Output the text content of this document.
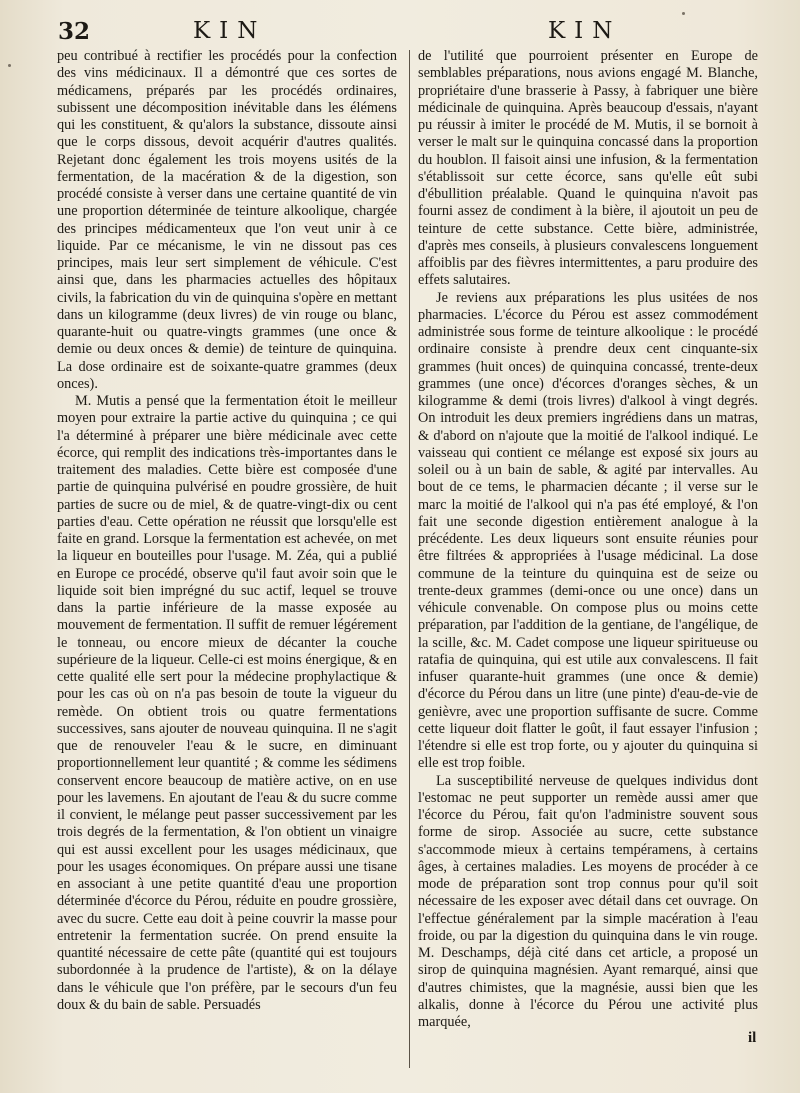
32	KIN	KIN

peu contribué à rectifier les procédés pour la confection des vins médicinaux. Il a démontré que ces sortes de médicamens, préparés par les procédés ordinaires, subissent une décomposition inévitable dans les élémens qui les constituent, & qu'alors la substance, dissoute ainsi que le corps dissous, devoit acquérir d'autres qualités. Rejetant donc également les trois moyens usités de la fermentation, de la macération & de la digestion, son procédé consiste à verser dans une certaine quantité de vin une proportion déterminée de teinture alkoolique, chargée des principes médicamenteux que l'on veut unir à ce liquide. Par ce mécanisme, le vin ne dissout pas ces principes, mais leur sert simplement de véhicule. C'est ainsi que, dans les pharmacies actuelles des hôpitaux civils, la fabrication du vin de quinquina s'opère en mettant dans un kilogramme (deux livres) de vin rouge ou blanc, quarante-huit ou quatre-vingts grammes (une once & demie ou deux onces & demie) de teinture de quinquina. La dose ordinaire est de soixante-quatre grammes (deux onces).

M. Mutis a pensé que la fermentation étoit le meilleur moyen pour extraire la partie active du quinquina ; ce qui l'a déterminé à préparer une bière médicinale avec cette écorce, qui remplit des indications très-importantes dans le traitement des maladies. Cette bière est composée d'une partie de quinquina pulvérisé en poudre grossière, de huit parties de sucre ou de miel, & de quatre-vingt-dix ou cent parties d'eau. Cette opération ne réussit que lorsqu'elle est faite en grand. Lorsque la fermentation est achevée, on met la liqueur en bouteilles pour l'usage. M. Zéa, qui a publié en Europe ce procédé, observe qu'il faut avoir soin que le liquide soit bien imprégné du suc actif, lequel se trouve dans la partie inférieure de la masse exposée au mouvement de fermentation. Il suffit de remuer légérement le tonneau, ou encore mieux de décanter la couche supérieure de la liqueur. Celle-ci est moins énergique, & en cette qualité elle sert pour la médecine prophylactique & pour les cas où on n'a pas besoin de toute la vigueur du remède. On obtient trois ou quatre fermentations successives, sans ajouter de nouveau quinquina. Il ne s'agit que de renouveler l'eau & le sucre, en diminuant proportionnellement leur quantité ; & comme les sédimens conservent encore beaucoup de matière active, on en use pour les lavemens. En ajoutant de l'eau & du sucre comme il convient, le mélange peut passer successivement par les trois degrés de la fermentation, & l'on obtient un vinaigre qui est aussi excellent pour les usages médicinaux, que pour les usages économiques. On prépare aussi une tisane en associant à une petite quantité d'eau une proportion déterminée d'écorce du Pérou, réduite en poudre grossière, avec du sucre. Cette eau doit à peine couvrir la masse pour entretenir la fermentation sucrée. On prend ensuite la quantité nécessaire de cette pâte (quantité qui est toujours subordonnée à la prudence de l'artiste), & on la délaye dans le véhicule que l'on préfère, par le secours d'un feu doux & du bain de sable. Persuadés

de l'utilité que pourroient présenter en Europe de semblables préparations, nous avions engagé M. Blanche, propriétaire d'une brasserie à Passy, à fabriquer une bière médicinale de quinquina. Après beaucoup d'essais, n'ayant pu réussir à imiter le procédé de M. Mutis, il se bornoit à verser le malt sur le quinquina concassé dans la proportion du houblon. Il faisoit ainsi une infusion, & la fermentation s'établissoit sur cette écorce, sans qu'elle eût subi d'ébullition préalable. Quand le quinquina n'avoit pas fourni assez de condiment à la bière, il ajoutoit un peu de teinture de cette substance. Cette bière, administrée, d'après mes conseils, à plusieurs convalescens longuement affoiblis par des fièvres intermittentes, a paru produire des effets salutaires.

Je reviens aux préparations les plus usitées de nos pharmacies. L'écorce du Pérou est assez commodément administrée sous forme de teinture alkoolique : le procédé ordinaire consiste à prendre deux cent cinquante-six grammes (huit onces) de quinquina concassé, trente-deux grammes (une once) d'écorces d'oranges sèches, & un kilogramme & demi (trois livres) d'alkool à vingt degrés. On introduit les deux premiers ingrédiens dans un matras, & d'abord on n'ajoute que la moitié de l'alkool indiqué. Le vaisseau qui contient ce mélange est exposé six jours au soleil ou à un bain de sable, & agité par intervalles. Au bout de ce tems, le pharmacien décante ; il verse sur le marc la moitié de l'alkool qui n'a pas été employé, & l'on fait une seconde digestion entièrement analogue à la précédente. Les deux liqueurs sont ensuite réunies pour être filtrées & appropriées à l'usage médicinal. La dose commune de la teinture du quinquina est de seize ou trente-deux grammes (demi-once ou une once) dans un véhicule convenable. On compose plus ou moins cette préparation, par l'addition de la gentiane, de l'angélique, de la scille, &c. M. Cadet compose une liqueur spiritueuse ou ratafia de quinquina, qui est utile aux convalescens. Il fait infuser quarante-huit grammes (une once & demie) d'écorce du Pérou dans un litre (une pinte) d'eau-de-vie de genièvre, avec une proportion suffisante de sucre. Comme cette liqueur doit flatter le goût, il faut essayer l'infusion ; l'étendre si elle est trop forte, ou y ajouter du quinquina si elle est trop foible.

La susceptibilité nerveuse de quelques individus dont l'estomac ne peut supporter un remède aussi amer que l'écorce du Pérou, fait qu'on l'administre souvent sous forme de sirop. Associée au sucre, cette substance s'accommode mieux à certains tempéramens, à certains âges, à certaines maladies. Les moyens de procéder à ce mode de préparation sont trop connus pour qu'il soit nécessaire de les exposer avec détail dans cet ouvrage. On l'effectue généralement par la simple macération à l'eau froide, ou par la digestion du quinquina dans le vin rouge. M. Deschamps, déjà cité dans cet article, a proposé un sirop de quinquina magnésien. Ayant remarqué, ainsi que d'autres chimistes, que la magnésie, aussi bien que les alkalis, donne à l'écorce du Pérou une activité plus marquée,

il
